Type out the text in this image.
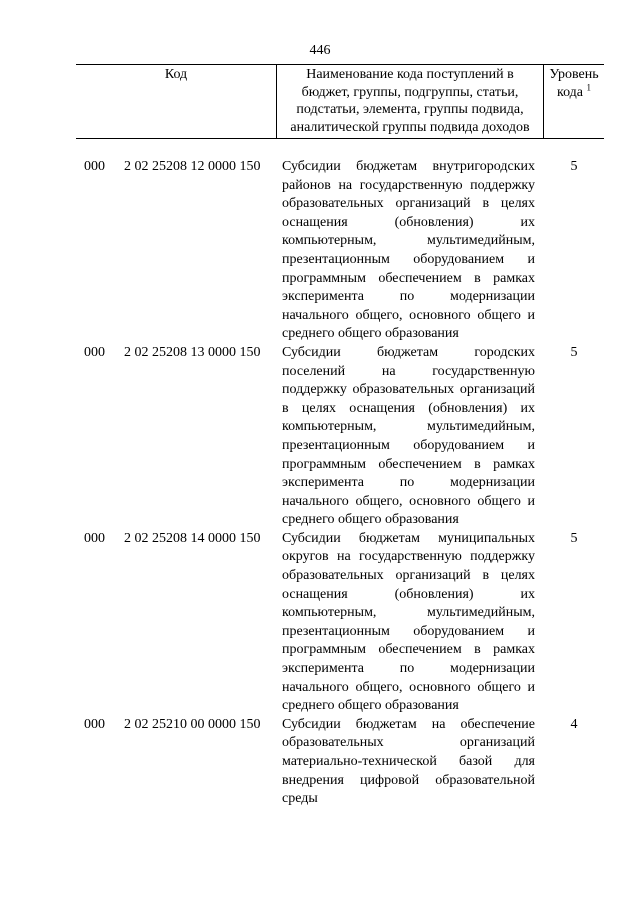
446
Код	Наименование кода поступлений в бюджет, группы, подгруппы, статьи, подстатьи, элемента, группы подвида, аналитической группы подвида доходов
Уровень кода $^1$
000 2 02 25208 12 0000 150 Субсидии бюджетам внутригородских районов на государственную поддержку образовательных организаций в целях оснащения (обновления) их компьютерным, мультимедийным, презентационным оборудованием и программным обеспечением в рамках эксперимента по модернизации начального общего, основного общего и среднего общего образования
5
000 2 02 25208 13 0000 150 Субсидии бюджетам городских поселений на государственную поддержку образовательных организаций в целях оснащения (обновления) их компьютерным, мультимедийным, презентационным оборудованием и программным обеспечением в рамках эксперимента по модернизации начального общего, основного общего и среднего общего образования
5
000 2 02 25208 14 0000 150 Субсидии бюджетам муниципальных округов на государственную поддержку образовательных организаций в целях оснащения (обновления) их компьютерным, мультимедийным, презентационным оборудованием и программным обеспечением в рамках эксперимента по модернизации начального общего, основного общего и среднего общего образования
5
000 2 02 25210 00 0000 150 Субсидии бюджетам на обеспечение образовательных организаций материально-технической базой для внедрения цифровой образовательной среды
4
